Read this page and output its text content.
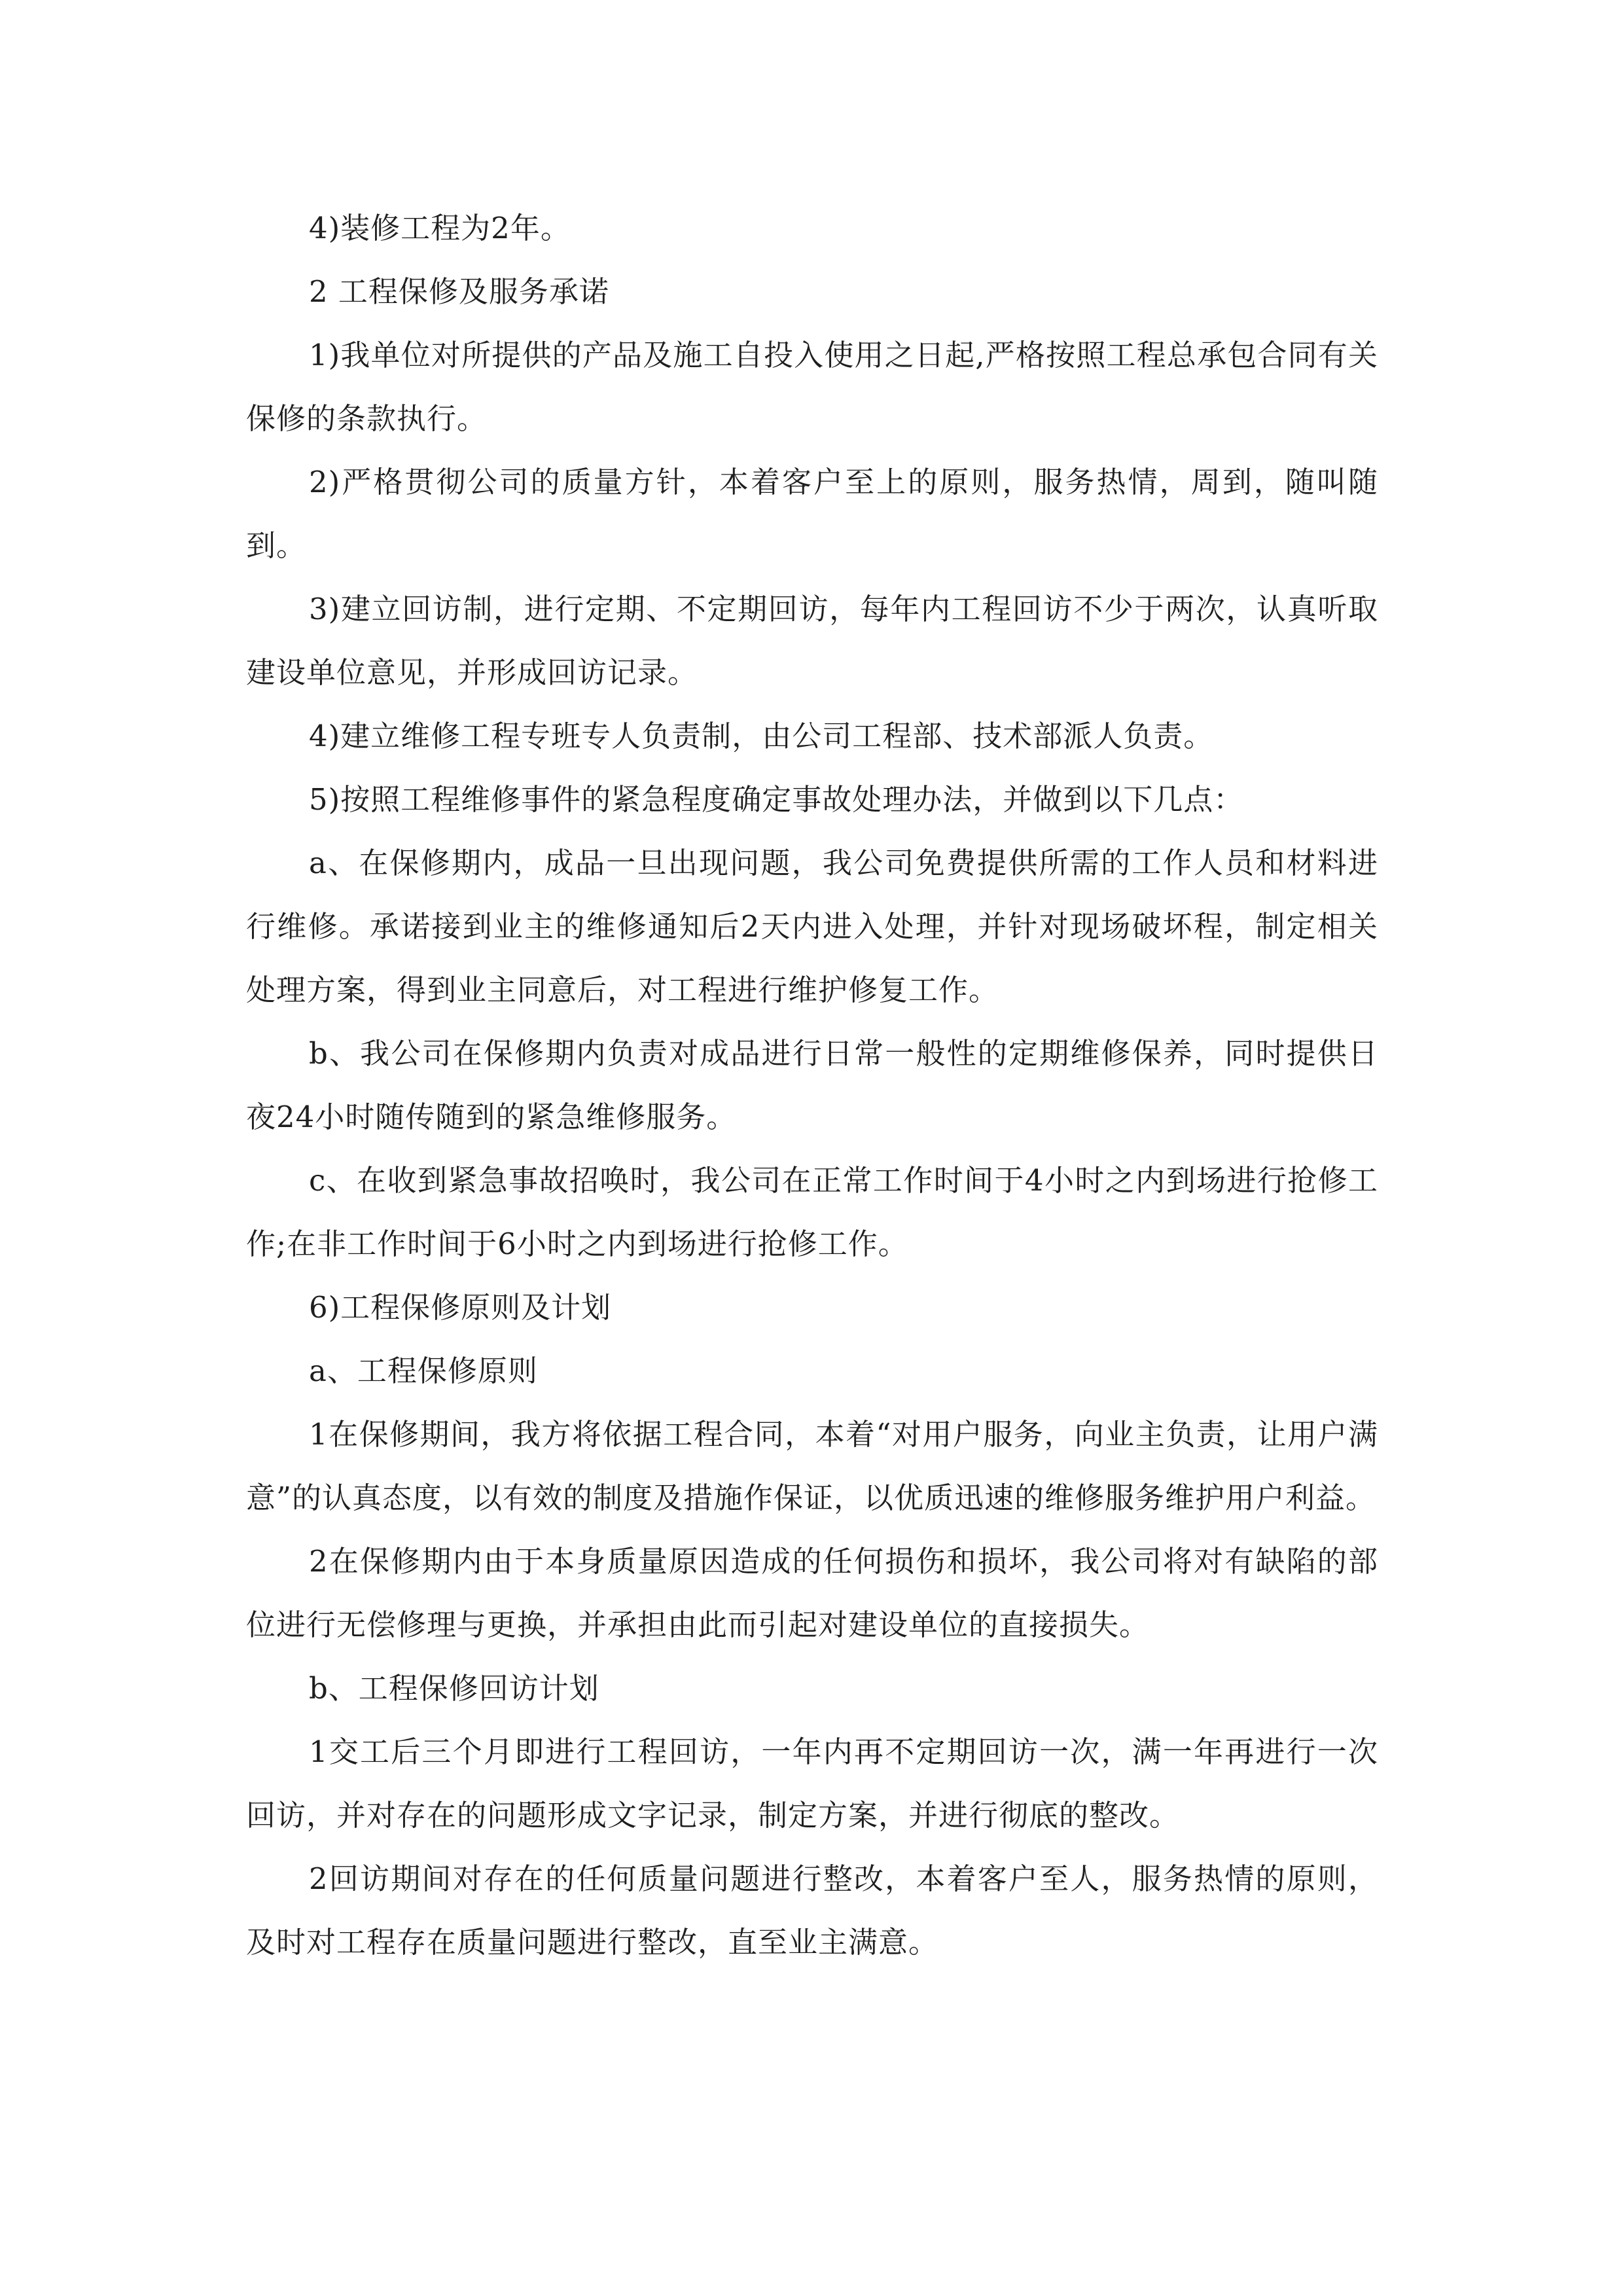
4)装修工程为2年。

2 工程保修及服务承诺

1)我单位对所提供的产品及施工自投入使用之日起,严格按照工程总承包合同有关保修的条款执行。

2)严格贯彻公司的质量方针，本着客户至上的原则，服务热情，周到，随叫随到。

3)建立回访制，进行定期、不定期回访，每年内工程回访不少于两次，认真听取建设单位意见，并形成回访记录。

4)建立维修工程专班专人负责制，由公司工程部、技术部派人负责。

5)按照工程维修事件的紧急程度确定事故处理办法，并做到以下几点：

a、在保修期内，成品一旦出现问题，我公司免费提供所需的工作人员和材料进行维修。承诺接到业主的维修通知后2天内进入处理，并针对现场破坏程，制定相关处理方案，得到业主同意后，对工程进行维护修复工作。

b、我公司在保修期内负责对成品进行日常一般性的定期维修保养，同时提供日夜24小时随传随到的紧急维修服务。

c、在收到紧急事故招唤时，我公司在正常工作时间于4小时之内到场进行抢修工作;在非工作时间于6小时之内到场进行抢修工作。

6)工程保修原则及计划

a、工程保修原则

1在保修期间，我方将依据工程合同，本着“对用户服务，向业主负责，让用户满意”的认真态度，以有效的制度及措施作保证，以优质迅速的维修服务维护用户利益。

2在保修期内由于本身质量原因造成的任何损伤和损坏，我公司将对有缺陷的部位进行无偿修理与更换，并承担由此而引起对建设单位的直接损失。

b、工程保修回访计划

1交工后三个月即进行工程回访，一年内再不定期回访一次，满一年再进行一次回访，并对存在的问题形成文字记录，制定方案，并进行彻底的整改。

2回访期间对存在的任何质量问题进行整改，本着客户至人，服务热情的原则，及时对工程存在质量问题进行整改，直至业主满意。
